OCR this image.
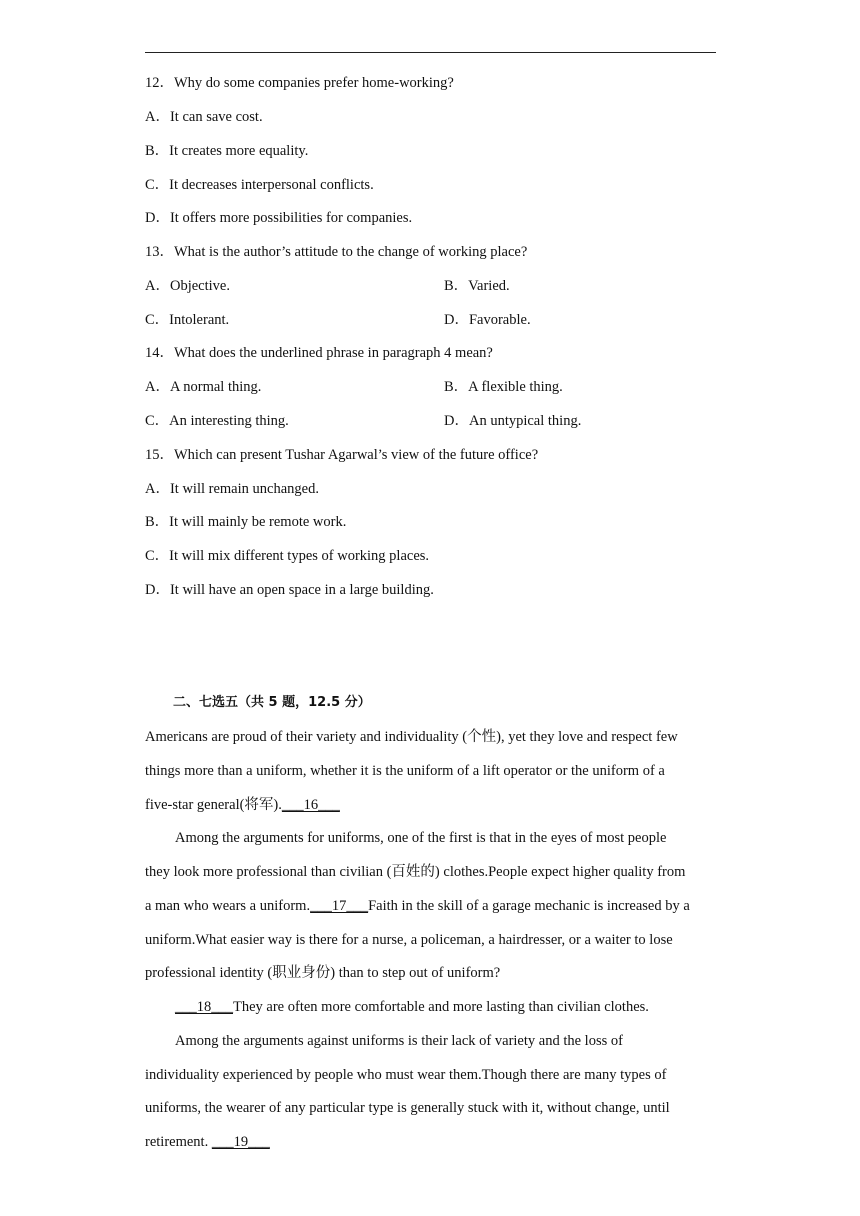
12．Why do some companies prefer home-working?
A．It can save cost.
B．It creates more equality.
C．It decreases interpersonal conflicts.
D．It offers more possibilities for companies.
13．What is the author’s attitude to the change of working place?
A．Objective.	B．Varied.
C．Intolerant.	D．Favorable.
14．What does the underlined phrase in paragraph 4 mean?
A．A normal thing.	B．A flexible thing.
C．An interesting thing.	D．An untypical thing.
15．Which can present Tushar Agarwal’s view of the future office?
A．It will remain unchanged.
B．It will mainly be remote work.
C．It will mix different types of working places.
D．It will have an open space in a large building.
二、七选五（共 5 题，12.5 分）
Americans are proud of their variety and individuality (个性), yet they love and respect few
things more than a uniform, whether it is the uniform of a lift operator or the uniform of a
five-star general(将军).___16___
Among the arguments for uniforms, one of the first is that in the eyes of most people
they look more professional than civilian (百姓的) clothes.People expect higher quality from
a man who wears a uniform.___17___Faith in the skill of a garage mechanic is increased by a
uniform.What easier way is there for a nurse, a policeman, a hairdresser, or a waiter to lose
professional identity (职业身份) than to step out of uniform?
___18___They are often more comfortable and more lasting than civilian clothes.
Among the arguments against uniforms is their lack of variety and the loss of
individuality experienced by people who must wear them.Though there are many types of
uniforms, the wearer of any particular type is generally stuck with it, without change, until
retirement. ___19___
